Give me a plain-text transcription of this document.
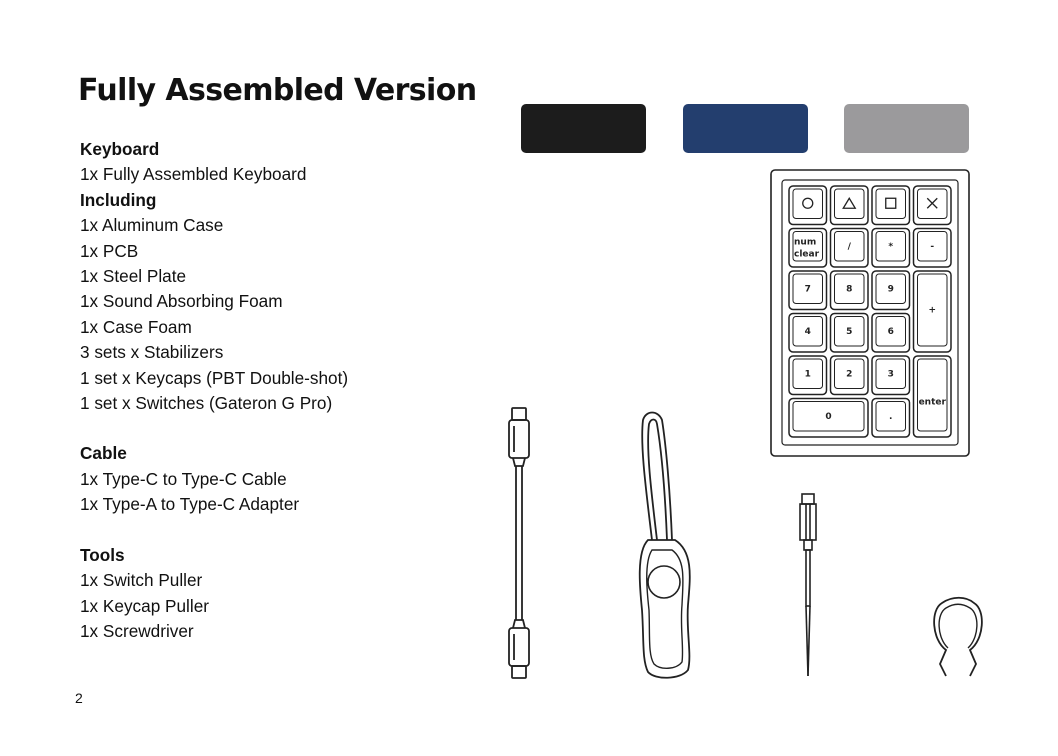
Fully Assembled Version
Keyboard
1x Fully Assembled Keyboard
Including
1x Aluminum Case
1x PCB
1x Steel Plate
1x Sound Absorbing Foam
1x Case Foam
3 sets x Stabilizers
1 set x Keycaps (PBT Double-shot)
1 set x Switches (Gateron G Pro)
Cable
1x Type-C to Type-C Cable
1x Type-A to Type-C Adapter
Tools
1x Switch Puller
1x Keycap Puller
1x Screwdriver
2
num
clear
/	*	-
7	8	9
+
4	5	6
1	2	3
enter
0	.
